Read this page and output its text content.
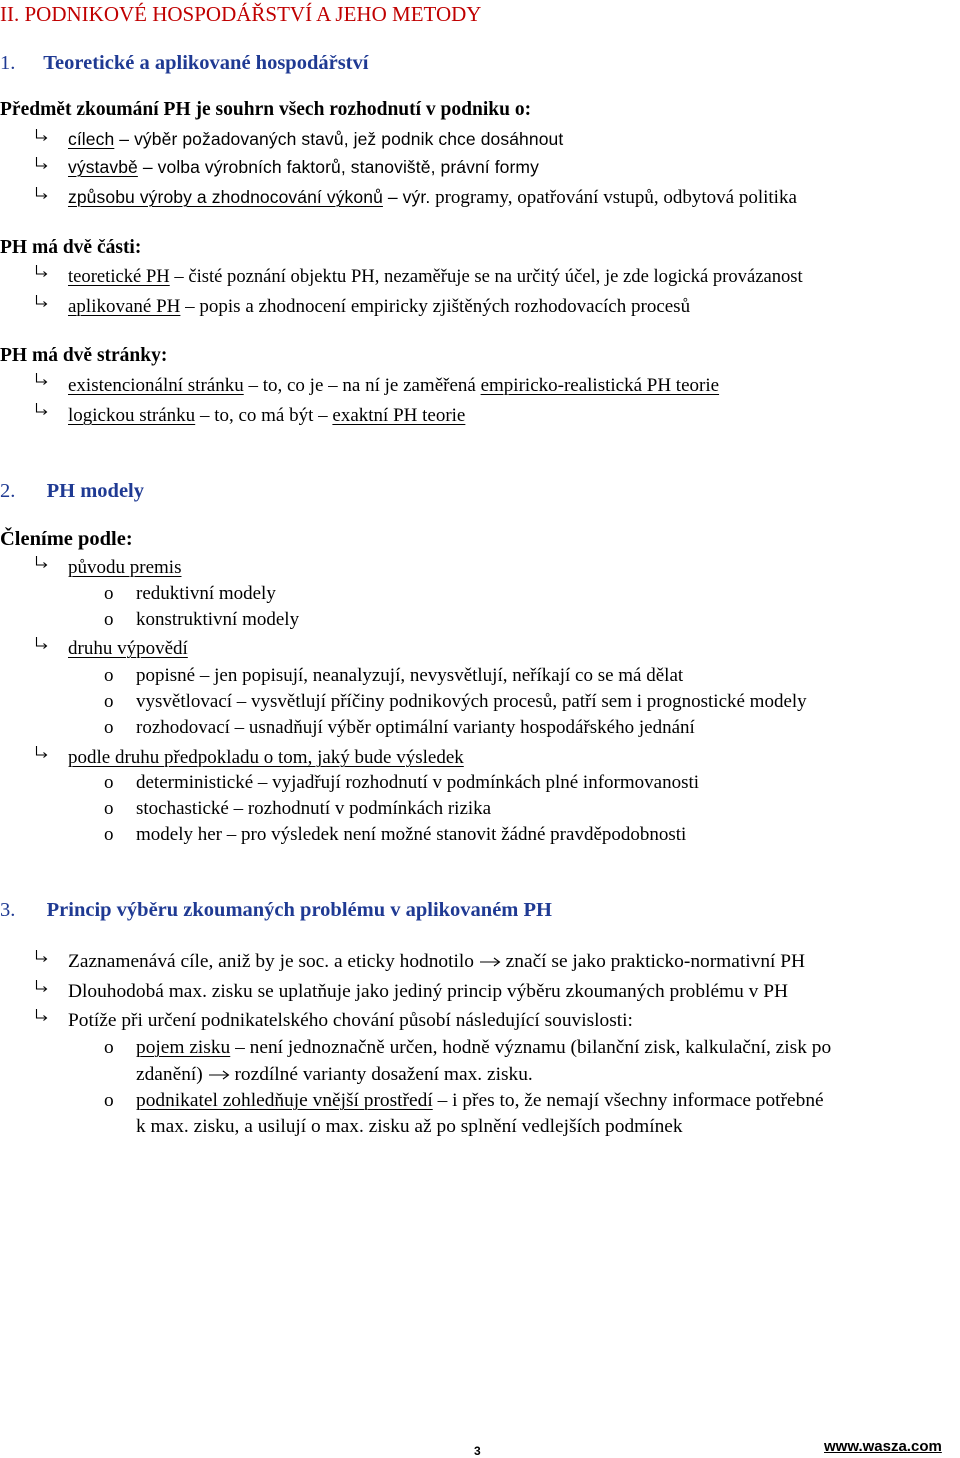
II. PODNIKOVÉ HOSPODÁŘSTVÍ A JEHO METODY
1. Teoretické a aplikované hospodářství
Předmět zkoumání PH je souhrn všech rozhodnutí v podniku o:
cílech – výběr požadovaných stavů, jež podnik chce dosáhnout
výstavbě – volba výrobních faktorů, stanoviště, právní formy
způsobu výroby a zhodnocování výkonů – výr. programy, opatřování vstupů, odbytová politika
PH má dvě části:
teoretické PH – čisté poznání objektu PH, nezaměřuje se na určitý účel, je zde logická provázanost
aplikované PH – popis a zhodnocení empiricky zjištěných rozhodovacích procesů
PH má dvě stránky:
existencionální stránku – to, co je – na ní je zaměřená empiricko-realistická PH teorie
logickou stránku – to, co má být – exaktní PH teorie
2. PH modely
Členíme podle:
původu premis
o reduktivní modely
o konstruktivní modely
druhu výpovědí
o popisné – jen popisují, neanalyzují, nevysvětlují, neříkají co se má dělat
o vysvětlovací – vysvětlují příčiny podnikových procesů, patří sem i prognostické modely
o rozhodovací – usnadňují výběr optimální varianty hospodářského jednání
podle druhu předpokladu o tom, jaký bude výsledek
o deterministické – vyjadřují rozhodnutí v podmínkách plné informovanosti
o stochastické – rozhodnutí v podmínkách rizika
o modely her – pro výsledek není možné stanovit žádné pravděpodobnosti
3. Princip výběru zkoumaných problému v aplikovaném PH
Zaznamenává cíle, aniž by je soc. a eticky hodnotilo  značí se jako prakticko-normativní PH
Dlouhodobá max. zisku se uplatňuje jako jediný princip výběru zkoumaných problému v PH
Potíže při určení podnikatelského chování působí následující souvislosti:
o pojem zisku – není jednoznačně určen, hodně významu (bilanční zisk, kalkulační, zisk po
zdanění)  rozdílné varianty dosažení max. zisku.
o podnikatel zohledňuje vnější prostředí – i přes to, že nemají všechny informace potřebné
k max. zisku, a usilují o max. zisku až po splnění vedlejších podmínek
3	www.wasza.com
